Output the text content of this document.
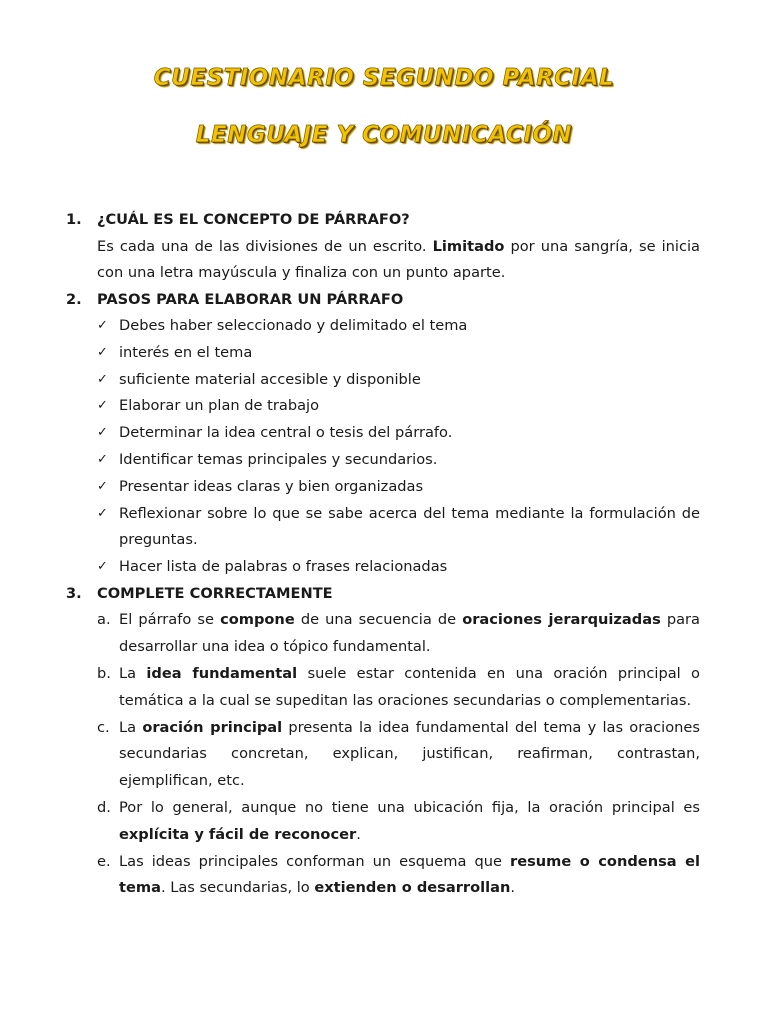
CUESTIONARIO SEGUNDO PARCIAL
LENGUAJE Y COMUNICACIÓN
1.	¿CUÁL ES EL CONCEPTO DE PÁRRAFO?
Es cada una de las divisiones de un escrito. Limitado por una sangría, se inicia con una letra mayúscula y finaliza con un punto aparte.
2.	PASOS PARA ELABORAR UN PÁRRAFO
✓ Debes haber seleccionado y delimitado el tema
✓ interés en el tema
✓ suficiente material accesible y disponible
✓ Elaborar un plan de trabajo
✓ Determinar la idea central o tesis del párrafo.
✓ Identificar temas principales y secundarios.
✓ Presentar ideas claras y bien organizadas
✓ Reflexionar sobre lo que se sabe acerca del tema mediante la formulación de preguntas.
✓ Hacer lista de palabras o frases relacionadas
3.	COMPLETE CORRECTAMENTE
a. El párrafo se compone de una secuencia de oraciones jerarquizadas para desarrollar una idea o tópico fundamental.
b. La idea fundamental suele estar contenida en una oración principal o temática a la cual se supeditan las oraciones secundarias o complementarias.
c. La oración principal presenta la idea fundamental del tema y las oraciones secundarias concretan, explican, justifican, reafirman, contrastan, ejemplifican, etc.
d. Por lo general, aunque no tiene una ubicación fija, la oración principal es explícita y fácil de reconocer.
e. Las ideas principales conforman un esquema que resume o condensa el tema. Las secundarias, lo extienden o desarrollan.
